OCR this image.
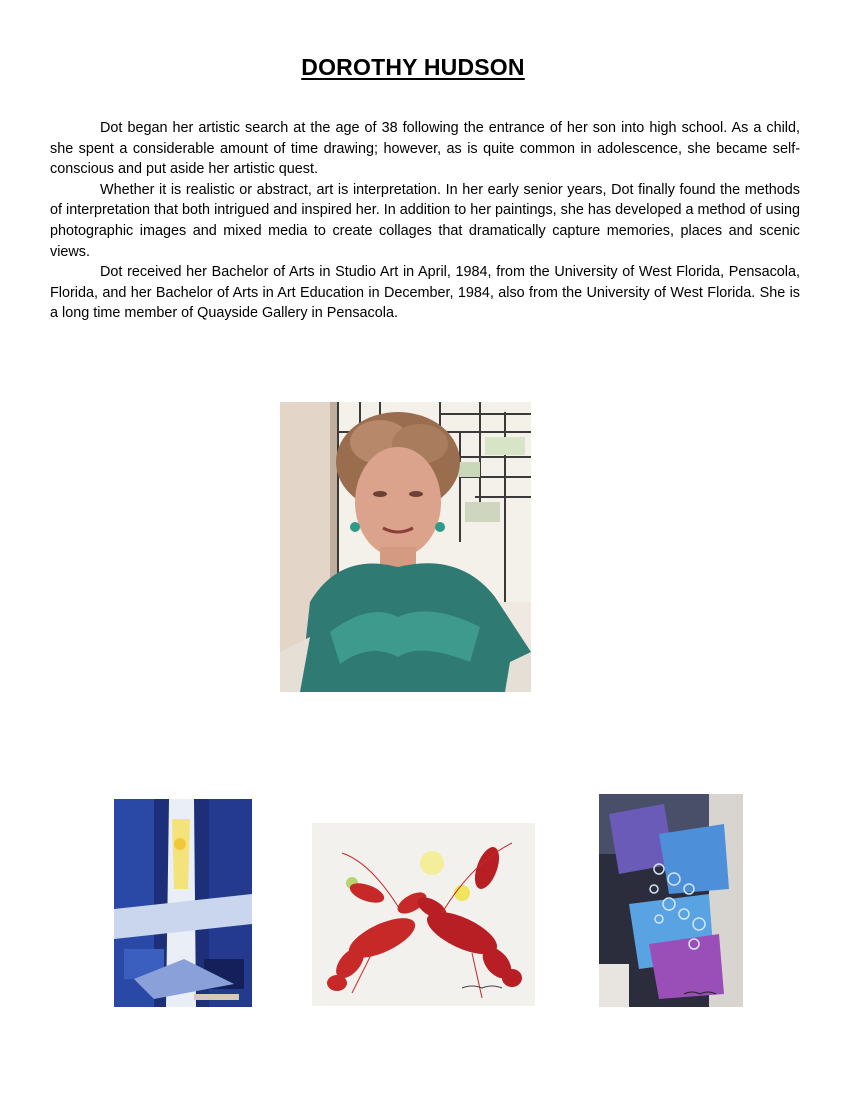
DOROTHY HUDSON

Dot began her artistic search at the age of 38 following the entrance of her son into high school. As a child, she spent a considerable amount of time drawing; however, as is quite common in adolescence, she became self-conscious and put aside her artistic quest.

Whether it is realistic or abstract, art is interpretation. In her early senior years, Dot finally found the methods of interpretation that both intrigued and inspired her. In addition to her paintings, she has developed a method of using photographic images and mixed media to create collages that dramatically capture memories, places and scenic views.

Dot received her Bachelor of Arts in Studio Art in April, 1984, from the University of West Florida, Pensacola, Florida, and her Bachelor of Arts in Art Education in December, 1984, also from the University of West Florida. She is a long time member of Quayside Gallery in Pensacola.
